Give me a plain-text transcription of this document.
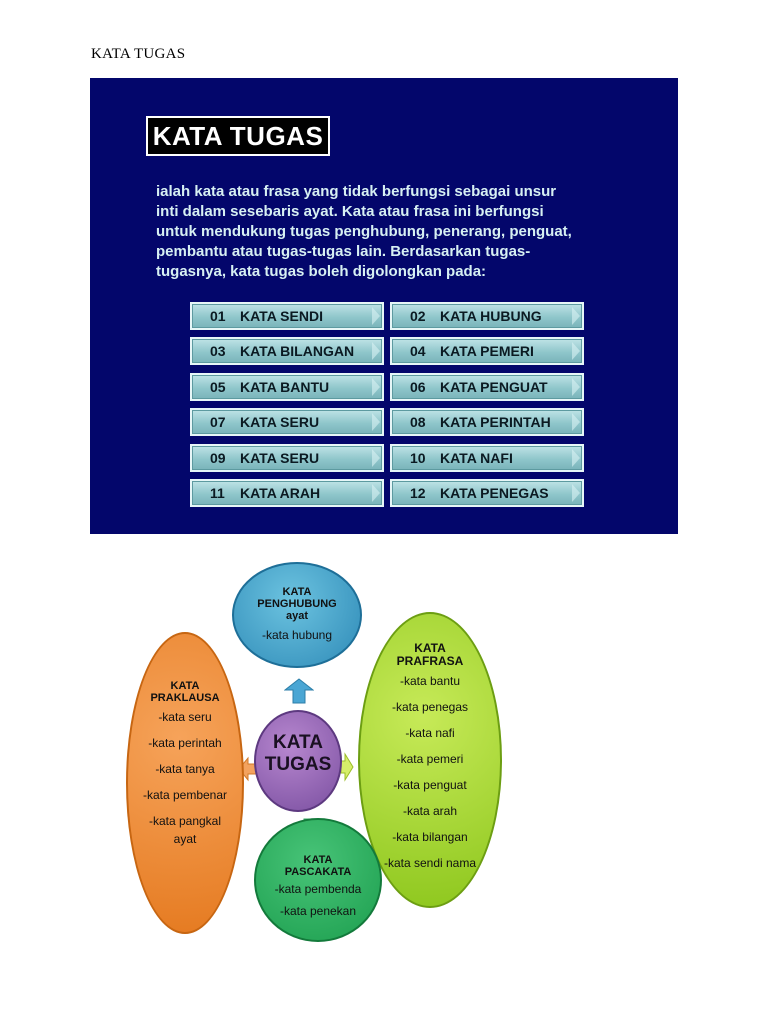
KATA TUGAS
KATA TUGAS
ialah kata atau frasa yang tidak berfungsi sebagai unsur
inti dalam sesebaris ayat. Kata atau frasa ini berfungsi
untuk mendukung tugas penghubung, penerang, penguat,
pembantu atau tugas-tugas lain. Berdasarkan tugas-
tugasnya, kata tugas boleh digolongkan pada:
01 KATA SENDI	02 KATA HUBUNG
03 KATA BILANGAN	04 KATA PEMERI
05 KATA BANTU	06 KATA PENGUAT
07 KATA SERU	08 KATA PERINTAH
09 KATA SERU	10 KATA NAFI
11 KATA ARAH	12 KATA PENEGAS
KATA
PENGHUBUNG
ayat
-kata hubung
KATA
PRAKLAUSA
-kata seru
-kata perintah
-kata tanya
-kata pembenar
-kata pangkal
ayat
KATA
PRAFRASA
-kata bantu
-kata penegas
-kata nafi
-kata pemeri
-kata penguat
-kata arah
-kata bilangan
-kata sendi nama
KATA
TUGAS
KATA
PASCAKATA
-kata pembenda
-kata penekan
